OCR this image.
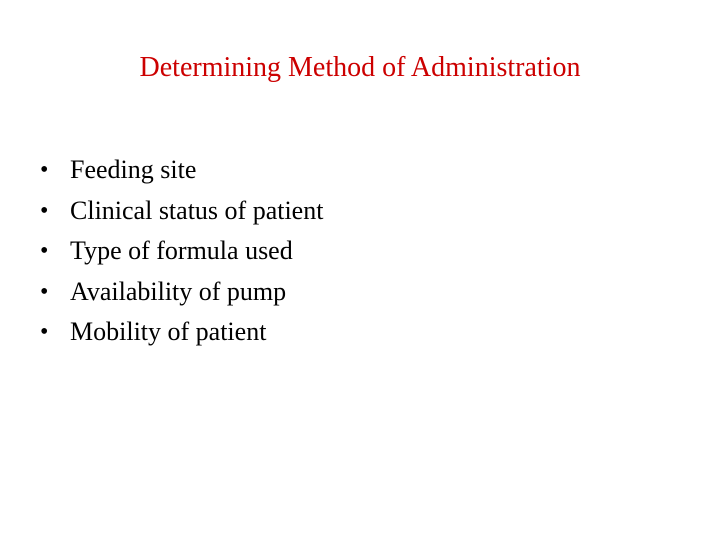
Determining Method of Administration
• Feeding site
• Clinical status of patient
• Type of formula used
• Availability of pump
• Mobility of patient
